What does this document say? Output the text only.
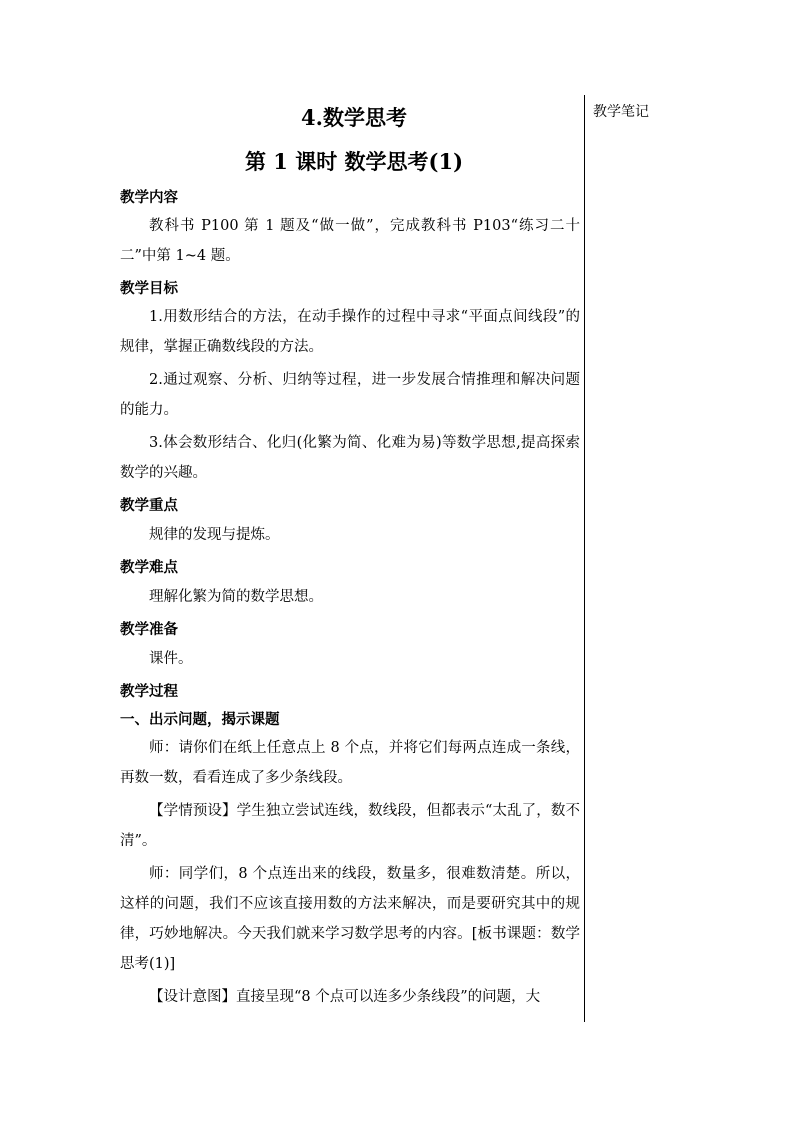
4.数学思考
第 1 课时 数学思考(1)
教学内容
教科书 P100 第 1 题及“做一做”，完成教科书 P103“练习二十二”中第 1~4 题。
教学目标
1.用数形结合的方法，在动手操作的过程中寻求“平面点间线段”的规律，掌握正确数线段的方法。
2.通过观察、分析、归纳等过程，进一步发展合情推理和解决问题的能力。
3.体会数形结合、化归(化繁为简、化难为易)等数学思想,提高探索数学的兴趣。
教学重点
规律的发现与提炼。
教学难点
理解化繁为简的数学思想。
教学准备
课件。
教学过程
一、出示问题，揭示课题
师：请你们在纸上任意点上 8 个点，并将它们每两点连成一条线，再数一数，看看连成了多少条线段。
【学情预设】学生独立尝试连线，数线段，但都表示“太乱了，数不清”。
师：同学们，8 个点连出来的线段，数量多，很难数清楚。所以，这样的问题，我们不应该直接用数的方法来解决，而是要研究其中的规律，巧妙地解决。今天我们就来学习数学思考的内容。[板书课题：数学思考(1)]
【设计意图】直接呈现“8 个点可以连多少条线段”的问题，大
教学笔记
